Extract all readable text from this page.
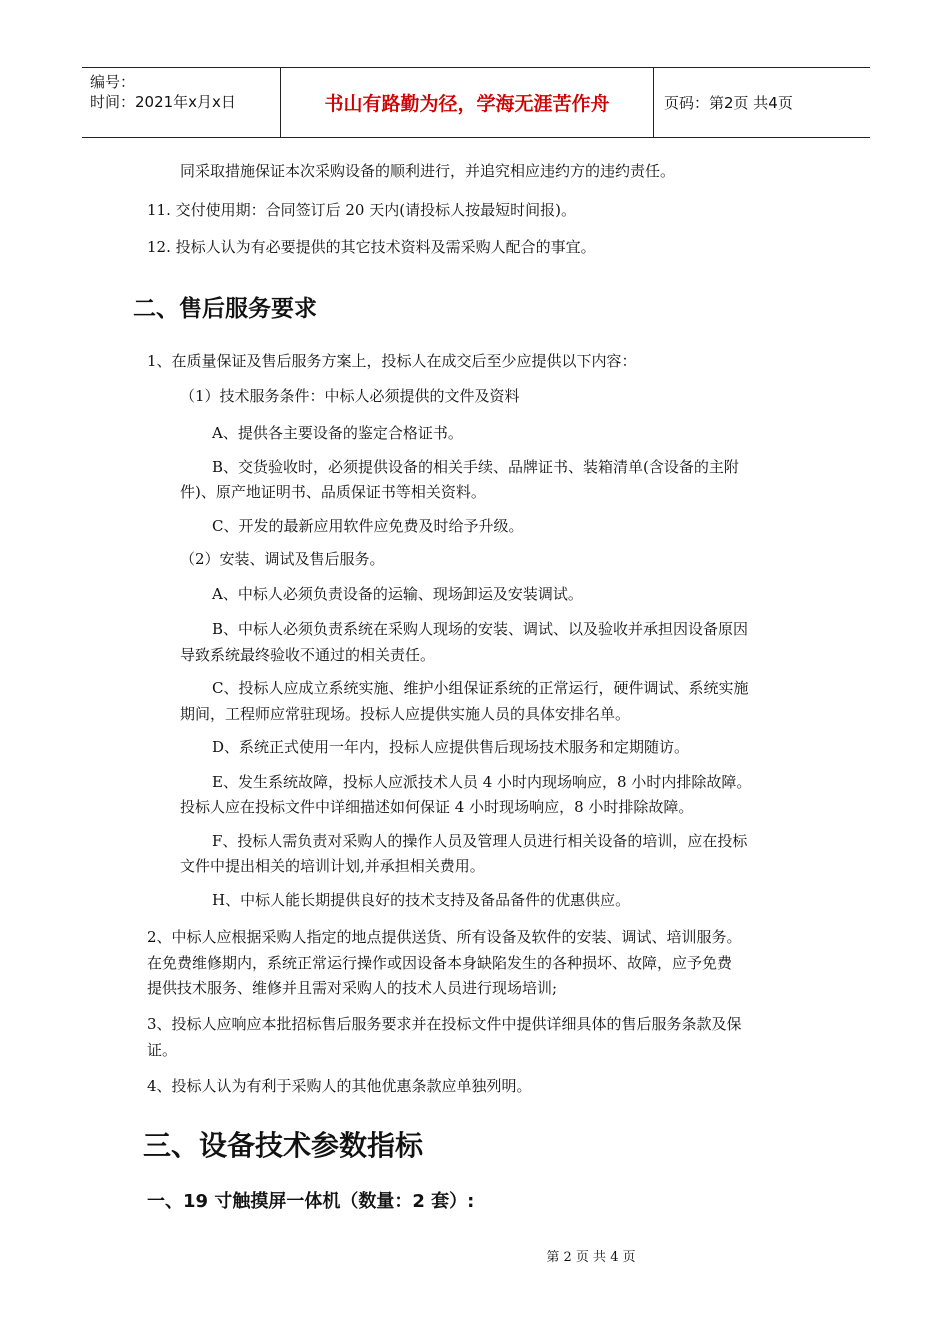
编号：
时间：2021年x月x日	书山有路勤为径，学海无涯苦作舟	页码：第2页 共4页
同采取措施保证本次采购设备的顺利进行，并追究相应违约方的违约责任。
11. 交付使用期：合同签订后 20 天内(请投标人按最短时间报)。
12. 投标人认为有必要提供的其它技术资料及需采购人配合的事宜。
二、售后服务要求
1、在质量保证及售后服务方案上，投标人在成交后至少应提供以下内容：
（1）技术服务条件：中标人必须提供的文件及资料
A、提供各主要设备的鉴定合格证书。
B、交货验收时，必须提供设备的相关手续、品牌证书、装箱清单(含设备的主附
件)、原产地证明书、品质保证书等相关资料。
C、开发的最新应用软件应免费及时给予升级。
（2）安装、调试及售后服务。
A、中标人必须负责设备的运输、现场卸运及安装调试。
B、中标人必须负责系统在采购人现场的安装、调试、以及验收并承担因设备原因
导致系统最终验收不通过的相关责任。
C、投标人应成立系统实施、维护小组保证系统的正常运行，硬件调试、系统实施
期间，工程师应常驻现场。投标人应提供实施人员的具体安排名单。
D、系统正式使用一年内，投标人应提供售后现场技术服务和定期随访。
E、发生系统故障，投标人应派技术人员 4 小时内现场响应，8 小时内排除故障。
投标人应在投标文件中详细描述如何保证 4 小时现场响应，8 小时排除故障。
F、投标人需负责对采购人的操作人员及管理人员进行相关设备的培训，应在投标
文件中提出相关的培训计划,并承担相关费用。
H、中标人能长期提供良好的技术支持及备品备件的优惠供应。
2、中标人应根据采购人指定的地点提供送货、所有设备及软件的安装、调试、培训服务。
在免费维修期内，系统正常运行操作或因设备本身缺陷发生的各种损坏、故障，应予免费
提供技术服务、维修并且需对采购人的技术人员进行现场培训;
3、投标人应响应本批招标售后服务要求并在投标文件中提供详细具体的售后服务条款及保
证。
4、投标人认为有利于采购人的其他优惠条款应单独列明。
三、设备技术参数指标
一、19 寸触摸屏一体机（数量：2 套）:
第 2 页 共 4 页
